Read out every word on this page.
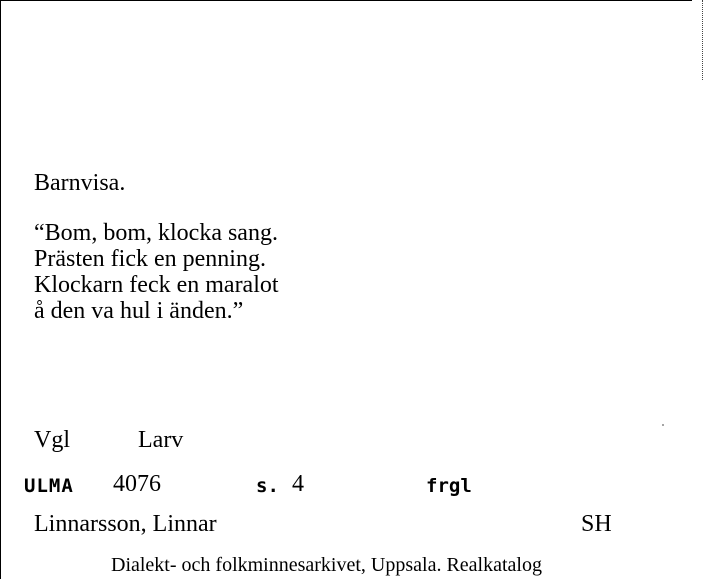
Barnvisa.
“Bom, bom, klocka sang.
Prästen fick en penning.
Klockarn feck en maralot
å den va hul i änden.”
Vgl	Larv
ULMA 4076	s. 4	frgl
Linnarsson, Linnar	SH
Dialekt- och folkminnesarkivet, Uppsala. Realkatalog
